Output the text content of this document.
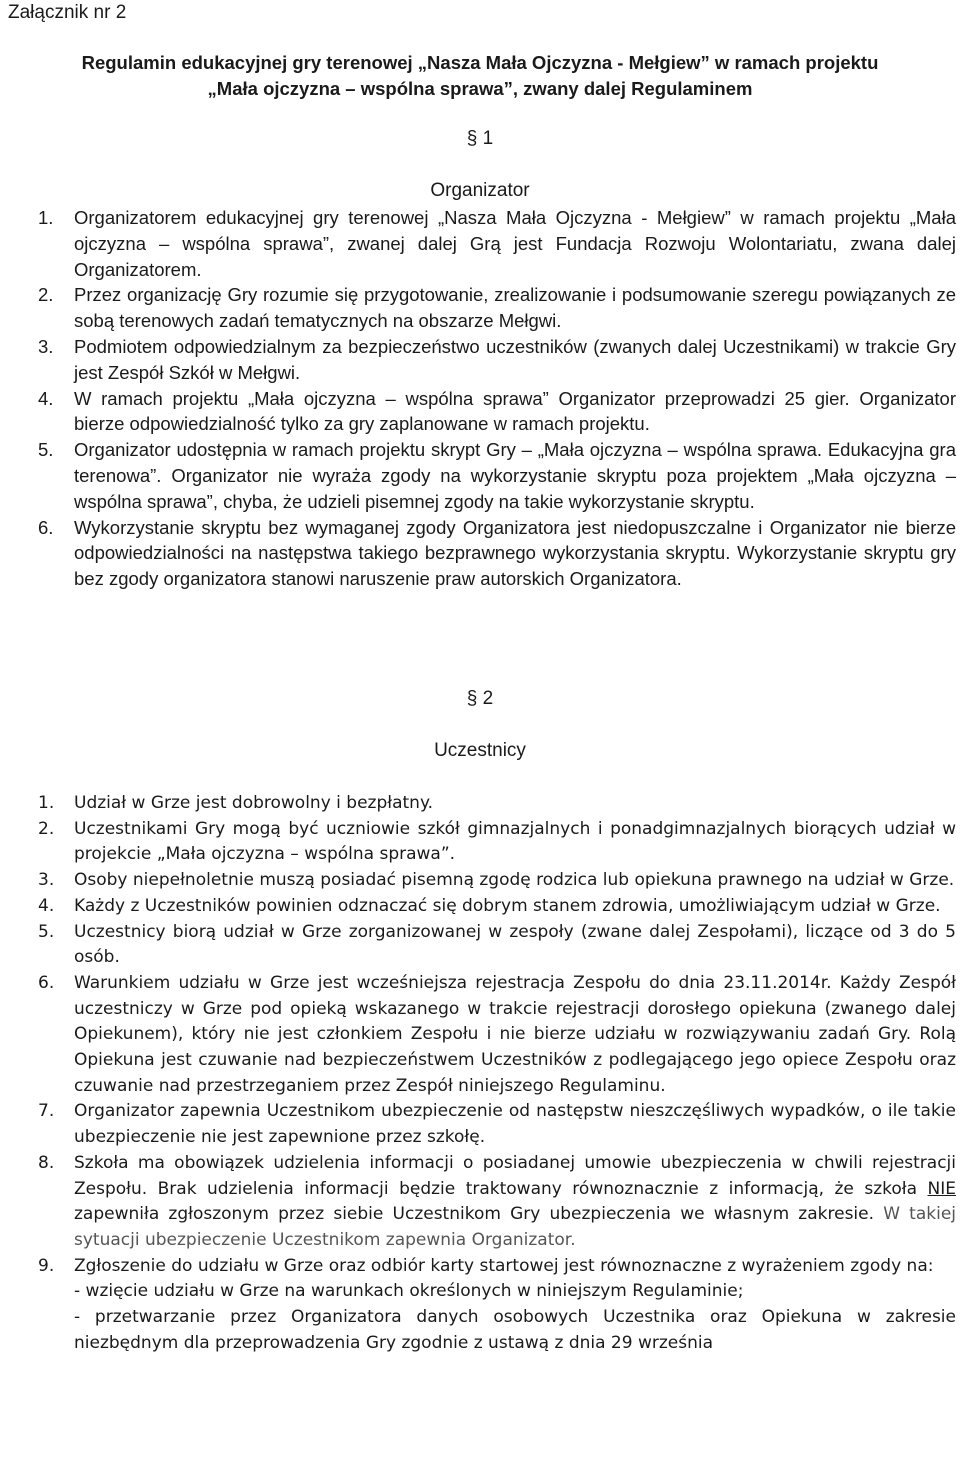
Załącznik nr 2
Regulamin edukacyjnej gry terenowej „Nasza Mała Ojczyzna - Mełgiew” w ramach projektu
„Mała ojczyzna – wspólna sprawa”, zwany dalej Regulaminem
§ 1
Organizator
1. Organizatorem edukacyjnej gry terenowej „Nasza Mała Ojczyzna - Mełgiew” w ramach projektu „Mała ojczyzna – wspólna sprawa”, zwanej dalej Grą jest Fundacja Rozwoju Wolontariatu, zwana dalej Organizatorem.
2. Przez organizację Gry rozumie się przygotowanie, zrealizowanie i podsumowanie szeregu powiązanych ze sobą terenowych zadań tematycznych na obszarze Mełgwi.
3. Podmiotem odpowiedzialnym za bezpieczeństwo uczestników (zwanych dalej Uczestnikami) w trakcie Gry jest Zespół Szkół w Mełgwi.
4. W ramach projektu „Mała ojczyzna – wspólna sprawa” Organizator przeprowadzi 25 gier. Organizator bierze odpowiedzialność tylko za gry zaplanowane w ramach projektu.
5. Organizator udostępnia w ramach projektu skrypt Gry – „Mała ojczyzna – wspólna sprawa. Edukacyjna gra terenowa”. Organizator nie wyraża zgody na wykorzystanie skryptu poza projektem „Mała ojczyzna – wspólna sprawa”, chyba, że udzieli pisemnej zgody na takie wykorzystanie skryptu.
6. Wykorzystanie skryptu bez wymaganej zgody Organizatora jest niedopuszczalne i Organizator nie bierze odpowiedzialności na następstwa takiego bezprawnego wykorzystania skryptu. Wykorzystanie skryptu gry bez zgody organizatora stanowi naruszenie praw autorskich Organizatora.
§ 2
Uczestnicy
1. Udział w Grze jest dobrowolny i bezpłatny.
2. Uczestnikami Gry mogą być uczniowie szkół gimnazjalnych i ponadgimnazjalnych biorących udział w projekcie „Mała ojczyzna – wspólna sprawa”.
3. Osoby niepełnoletnie muszą posiadać pisemną zgodę rodzica lub opiekuna prawnego na udział w Grze.
4. Każdy z Uczestników powinien odznaczać się dobrym stanem zdrowia, umożliwiającym udział w Grze.
5. Uczestnicy biorą udział w Grze zorganizowanej w zespoły (zwane dalej Zespołami), liczące od 3 do 5 osób.
6. Warunkiem udziału w Grze jest wcześniejsza rejestracja Zespołu do dnia 23.11.2014r. Każdy Zespół uczestniczy w Grze pod opieką wskazanego w trakcie rejestracji dorosłego opiekuna (zwanego dalej Opiekunem), który nie jest członkiem Zespołu i nie bierze udziału w rozwiązywaniu zadań Gry. Rolą Opiekuna jest czuwanie nad bezpieczeństwem Uczestników z podlegającego jego opiece Zespołu oraz czuwanie nad przestrzeganiem przez Zespół niniejszego Regulaminu.
7. Organizator zapewnia Uczestnikom ubezpieczenie od następstw nieszczęśliwych wypadków, o ile takie ubezpieczenie nie jest zapewnione przez szkołę.
8. Szkoła ma obowiązek udzielenia informacji o posiadanej umowie ubezpieczenia w chwili rejestracji Zespołu. Brak udzielenia informacji będzie traktowany równoznacznie z informacją, że szkoła NIE zapewniła zgłoszonym przez siebie Uczestnikom Gry ubezpieczenia we własnym zakresie. W takiej sytuacji ubezpieczenie Uczestnikom zapewnia Organizator.
9. Zgłoszenie do udziału w Grze oraz odbiór karty startowej jest równoznaczne z wyrażeniem zgody na:
- wzięcie udziału w Grze na warunkach określonych w niniejszym Regulaminie;
- przetwarzanie przez Organizatora danych osobowych Uczestnika oraz Opiekuna w zakresie niezbędnym dla przeprowadzenia Gry zgodnie z ustawą z dnia 29 września
